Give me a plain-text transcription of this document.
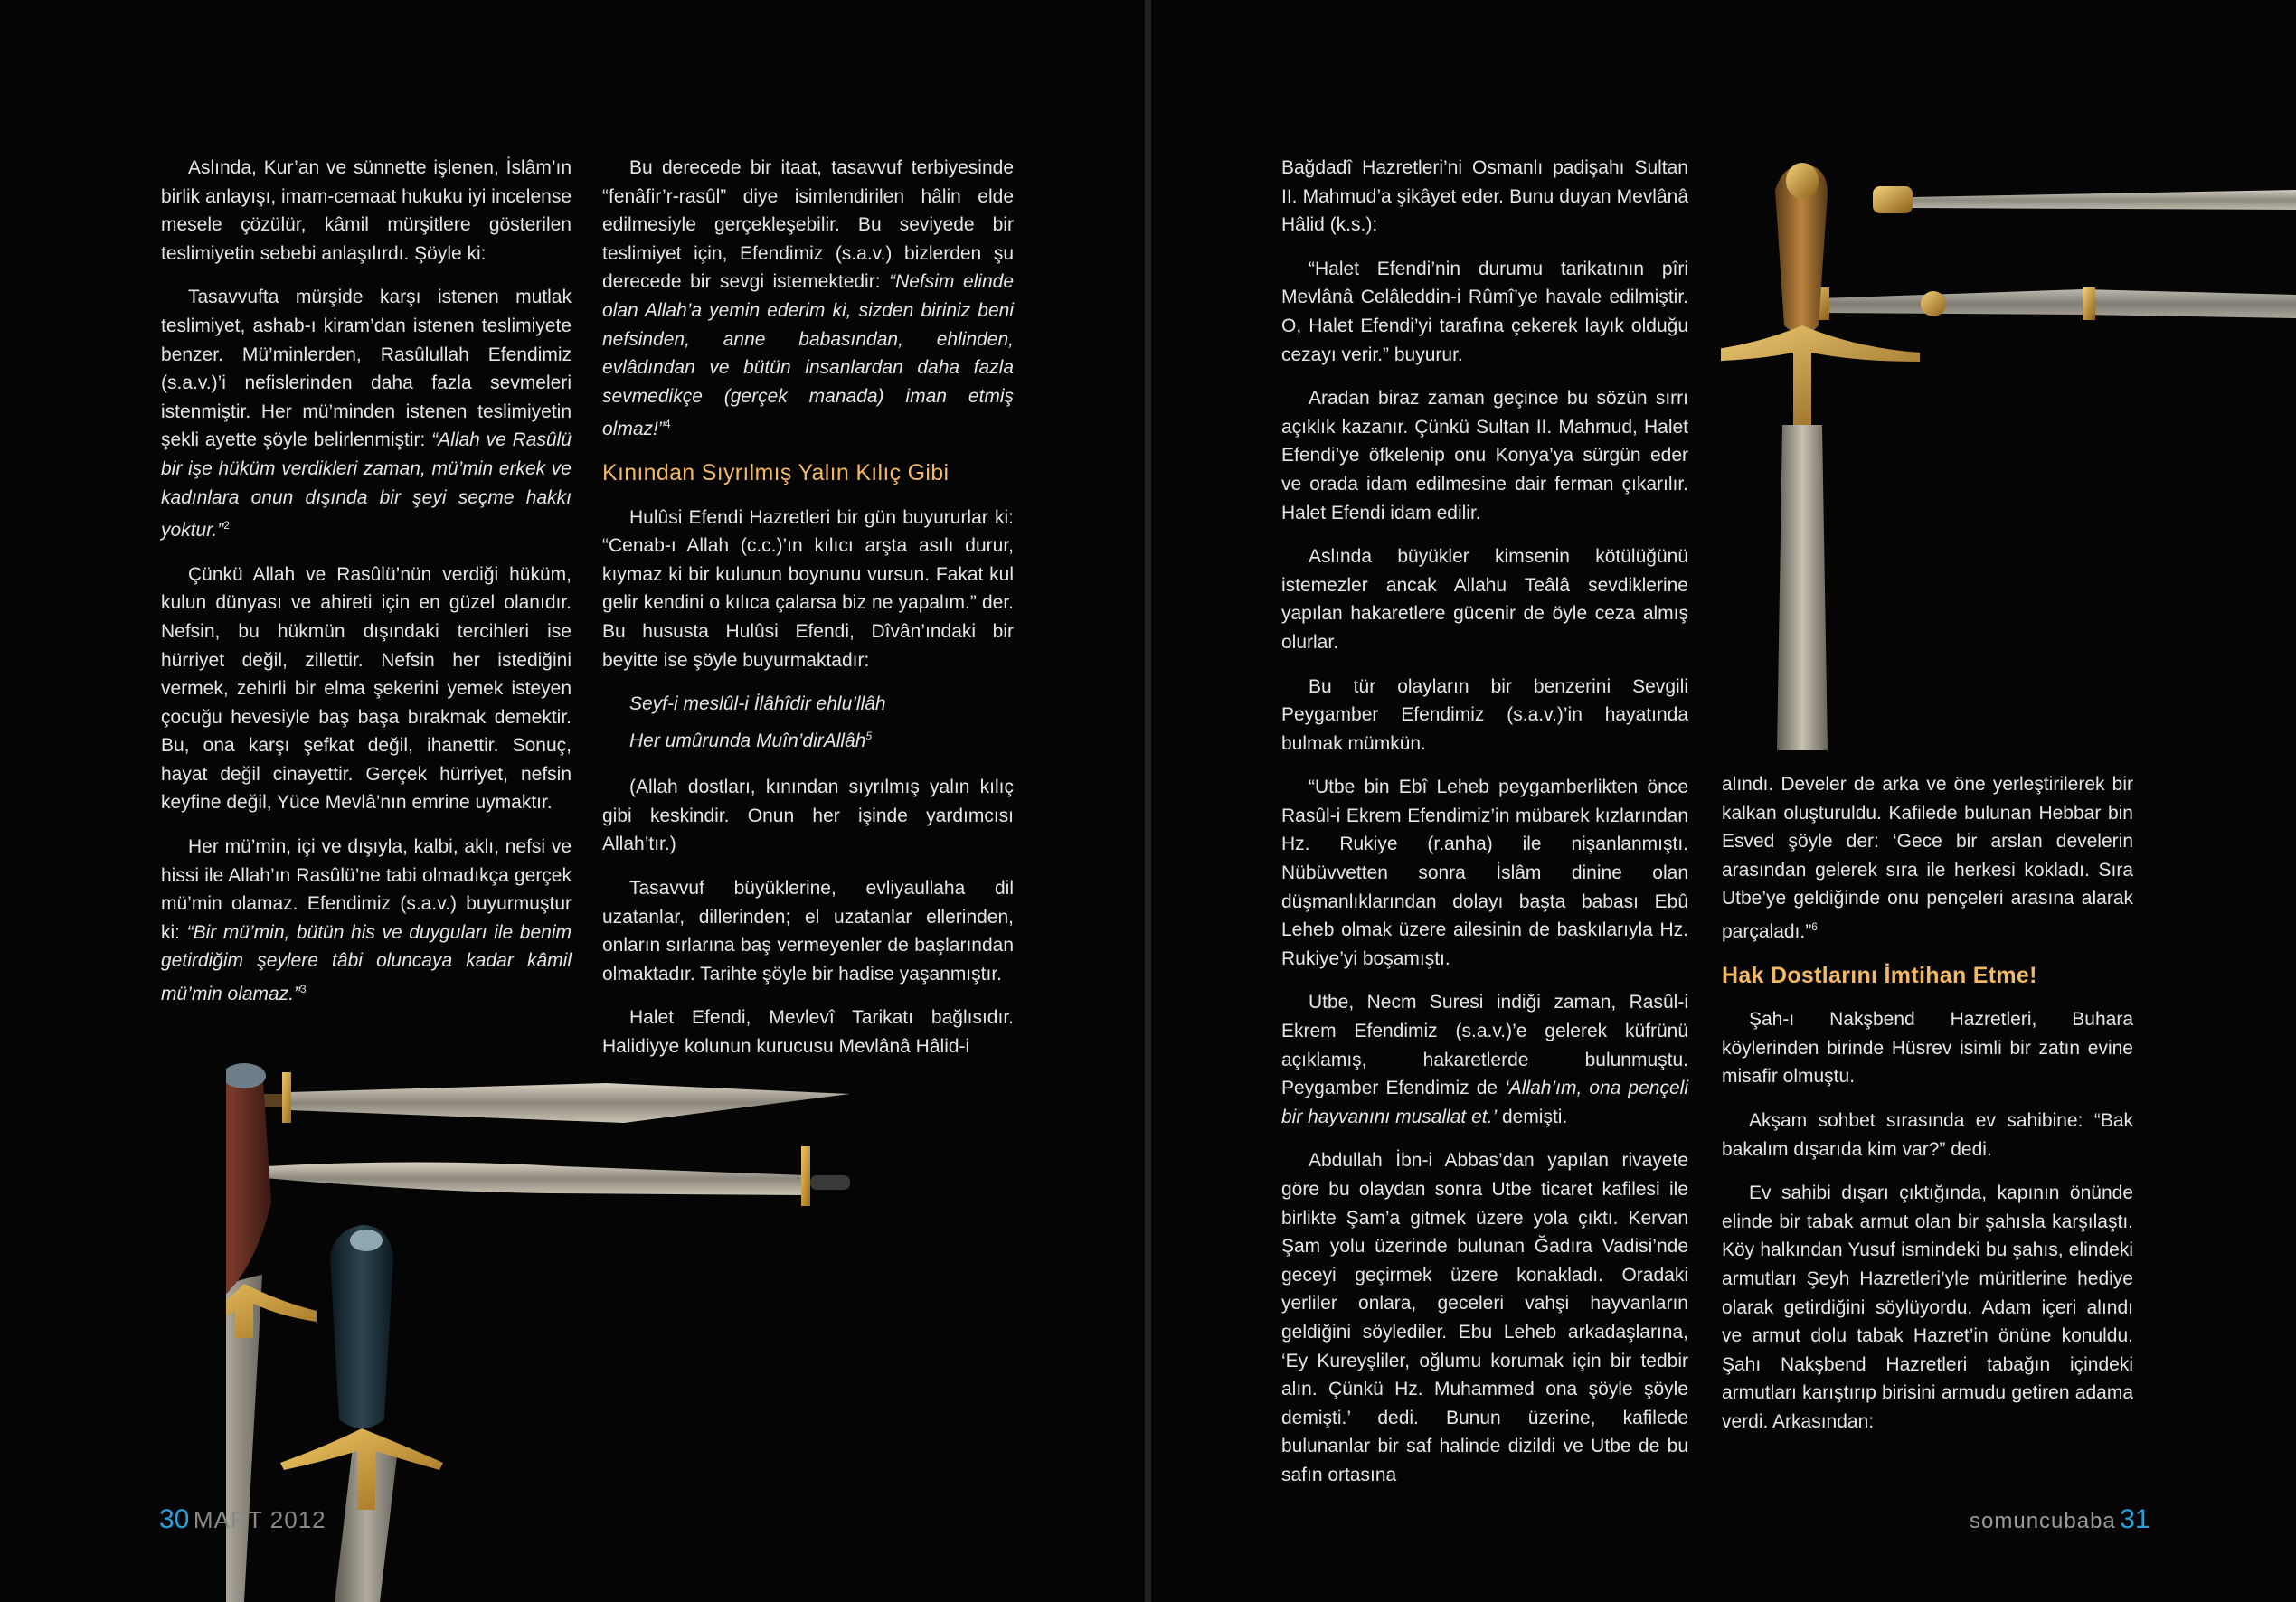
Aslında, Kur’an ve sünnette işlenen, İslâm’ın birlik anlayışı, imam-cemaat hukuku iyi incelense mesele çözülür, kâmil mürşitlere gösterilen teslimiyetin sebebi anlaşılırdı. Şöyle ki:

Tasavvufta mürşide karşı istenen mutlak teslimiyet, ashab-ı kiram’dan istenen teslimiyete benzer. Mü’minlerden, Rasûlullah Efendimiz (s.a.v.)’i nefislerinden daha fazla sevmeleri istenmiştir. Her mü’minden istenen teslimiyetin şekli ayette şöyle belirlenmiştir: “Allah ve Rasûlü bir işe hüküm verdikleri zaman, mü’min erkek ve kadınlara onun dışında bir şeyi seçme hakkı yoktur.”$^2$

Çünkü Allah ve Rasûlü’nün verdiği hüküm, kulun dünyası ve ahireti için en güzel olanıdır. Nefsin, bu hükmün dışındaki tercihleri ise hürriyet değil, zillettir. Nefsin her istediğini vermek, zehirli bir elma şekerini yemek isteyen çocuğu hevesiyle baş başa bırakmak demektir. Bu, ona karşı şefkat değil, ihanettir. Sonuç, hayat değil cinayettir. Gerçek hürriyet, nefsin keyfine değil, Yüce Mevlâ’nın emrine uymaktır.

Her mü’min, içi ve dışıyla, kalbi, aklı, nefsi ve hissi ile Allah’ın Rasûlü’ne tabi olmadıkça gerçek mü’min olamaz. Efendimiz (s.a.v.) buyurmuştur ki: “Bir mü’min, bütün his ve duyguları ile benim getirdiğim şeylere tâbi oluncaya kadar kâmil mü’min olamaz.”$^3$

Bu derecede bir itaat, tasavvuf terbiyesinde “fenâfir’r-rasûl” diye isimlendirilen hâlin elde edilmesiyle gerçekleşebilir. Bu seviyede bir teslimiyet için, Efendimiz (s.a.v.) bizlerden şu derecede bir sevgi istemektedir: “Nefsim elinde olan Allah’a yemin ederim ki, sizden biriniz beni nefsinden, anne babasından, ehlinden, evlâdından ve bütün insanlardan daha fazla sevmedikçe (gerçek manada) iman etmiş olmaz!”$^4$

Kınından Sıyrılmış Yalın Kılıç Gibi

Hulûsi Efendi Hazretleri bir gün buyururlar ki: “Cenab-ı Allah (c.c.)’ın kılıcı arşta asılı durur, kıymaz ki bir kulunun boynunu vursun. Fakat kul gelir kendini o kılıca çalarsa biz ne yapalım.” der. Bu hususta Hulûsi Efendi, Dîvân’ındaki bir beyitte ise şöyle buyurmaktadır:

Seyf-i meslûl-i İlâhîdir ehlu’llâh

Her umûrunda Muîn’dirAllâh$^5$

(Allah dostları, kınından sıyrılmış yalın kılıç gibi keskindir. Onun her işinde yardımcısı Allah’tır.)

Tasavvuf büyüklerine, evliyaullaha dil uzatanlar, dillerinden; el uzatanlar ellerinden, onların sırlarına baş vermeyenler de başlarından olmaktadır. Tarihte şöyle bir hadise yaşanmıştır.

Halet Efendi, Mevlevî Tarikatı bağlısıdır. Halidiyye kolunun kurucusu Mevlânâ Hâlid-i

30 MART 2012

Bağdadî Hazretleri’ni Osmanlı padişahı Sultan II. Mahmud’a şikâyet eder. Bunu duyan Mevlânâ Hâlid (k.s.):

“Halet Efendi’nin durumu tarikatının pîri Mevlânâ Celâleddin-i Rûmî’ye havale edilmiştir. O, Halet Efendi’yi tarafına çekerek layık olduğu cezayı verir.” buyurur.

Aradan biraz zaman geçince bu sözün sırrı açıklık kazanır. Çünkü Sultan II. Mahmud, Halet Efendi’ye öfkelenip onu Konya’ya sürgün eder ve orada idam edilmesine dair ferman çıkarılır. Halet Efendi idam edilir.

Aslında büyükler kimsenin kötülüğünü istemezler ancak Allahu Teâlâ sevdiklerine yapılan hakaretlere gücenir de öyle ceza almış olurlar.

Bu tür olayların bir benzerini Sevgili Peygamber Efendimiz (s.a.v.)’in hayatında bulmak mümkün.

“Utbe bin Ebî Leheb peygamberlikten önce Rasûl-i Ekrem Efendimiz’in mübarek kızlarından Hz. Rukiye (r.anha) ile nişanlanmıştı. Nübüvvetten sonra İslâm dinine olan düşmanlıklarından dolayı başta babası Ebû Leheb olmak üzere ailesinin de baskılarıyla Hz. Rukiye’yi boşamıştı.

Utbe, Necm Suresi indiği zaman, Rasûl-i Ekrem Efendimiz (s.a.v.)’e gelerek küfrünü açıklamış, hakaretlerde bulunmuştu. Peygamber Efendimiz de ‘Allah’ım, ona pençeli bir hayvanını musallat et.’ demişti.

Abdullah İbn-i Abbas’dan yapılan rivayete göre bu olaydan sonra Utbe ticaret kafilesi ile birlikte Şam’a gitmek üzere yola çıktı. Kervan Şam yolu üzerinde bulunan Ğadıra Vadisi’nde geceyi geçirmek üzere konakladı. Oradaki yerliler onlara, geceleri vahşi hayvanların geldiğini söylediler. Ebu Leheb arkadaşlarına, ‘Ey Kureyşliler, oğlumu korumak için bir tedbir alın. Çünkü Hz. Muhammed ona şöyle şöyle demişti.’ dedi. Bunun üzerine, kafilede bulunanlar bir saf halinde dizildi ve Utbe de bu safın ortasına

alındı. Develer de arka ve öne yerleştirilerek bir kalkan oluşturuldu. Kafilede bulunan Hebbar bin Esved şöyle der: ‘Gece bir arslan develerin arasından gelerek sıra ile herkesi kokladı. Sıra Utbe’ye geldiğinde onu pençeleri arasına alarak parçaladı.”$^6$

Hak Dostlarını İmtihan Etme!

Şah-ı Nakşbend Hazretleri, Buhara köylerinden birinde Hüsrev isimli bir zatın evine misafir olmuştu.

Akşam sohbet sırasında ev sahibine: “Bak bakalım dışarıda kim var?” dedi.

Ev sahibi dışarı çıktığında, kapının önünde elinde bir tabak armut olan bir şahısla karşılaştı. Köy halkından Yusuf ismindeki bu şahıs, elindeki armutları Şeyh Hazretleri’yle müritlerine hediye olarak getirdiğini söylüyordu. Adam içeri alındı ve armut dolu tabak Hazret’in önüne konuldu. Şahı Nakşbend Hazretleri tabağın içindeki armutları karıştırıp birisini armudu getiren adama verdi. Arkasından:

somuncubaba 31
